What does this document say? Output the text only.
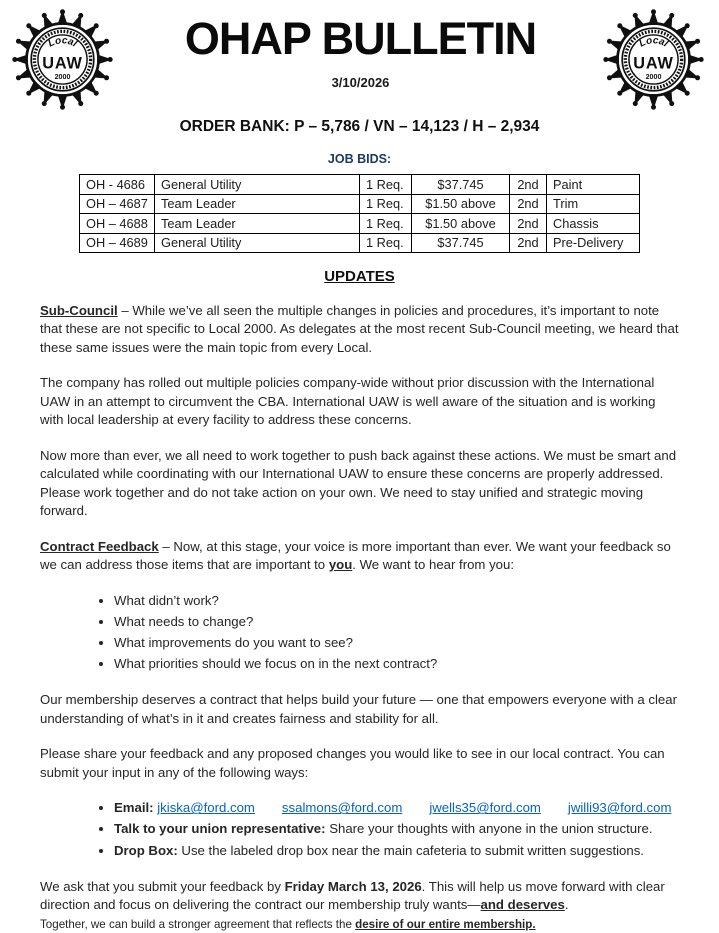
Local
UAW
2000
OHAP BULLETIN
3/10/2026
ORDER BANK: P – 5,786 / VN – 14,123 / H – 2,934
JOB BIDS:
OH - 4686	General Utility	1 Req.	$37.745	2nd	Paint
OH – 4687	Team Leader	1 Req.	$1.50 above	2nd	Trim
OH – 4688	Team Leader	1 Req.	$1.50 above	2nd	Chassis
OH – 4689	General Utility	1 Req.	$37.745	2nd	Pre-Delivery
UPDATES

Sub-Council – While we’ve all seen the multiple changes in policies and procedures, it’s important to note that these are not specific to Local 2000. As delegates at the most recent Sub-Council meeting, we heard that these same issues were the main topic from every Local.

The company has rolled out multiple policies company-wide without prior discussion with the International UAW in an attempt to circumvent the CBA. International UAW is well aware of the situation and is working with local leadership at every facility to address these concerns.

Now more than ever, we all need to work together to push back against these actions. We must be smart and calculated while coordinating with our International UAW to ensure these concerns are properly addressed. Please work together and do not take action on your own. We need to stay unified and strategic moving forward.

Contract Feedback – Now, at this stage, your voice is more important than ever. We want your feedback so we can address those items that are important to you. We want to hear from you:

• What didn’t work?
• What needs to change?
• What improvements do you want to see?
• What priorities should we focus on in the next contract?

Our membership deserves a contract that helps build your future — one that empowers everyone with a clear understanding of what’s in it and creates fairness and stability for all.

Please share your feedback and any proposed changes you would like to see in our local contract. You can submit your input in any of the following ways:

• Email: jkiska@ford.com ssalmons@ford.com jwells35@ford.com jwilli93@ford.com
• Talk to your union representative: Share your thoughts with anyone in the union structure.
• Drop Box: Use the labeled drop box near the main cafeteria to submit written suggestions.

We ask that you submit your feedback by Friday March 13, 2026. This will help us move forward with clear direction and focus on delivering the contract our membership truly wants—and deserves.

Together, we can build a stronger agreement that reflects the desire of our entire membership.
